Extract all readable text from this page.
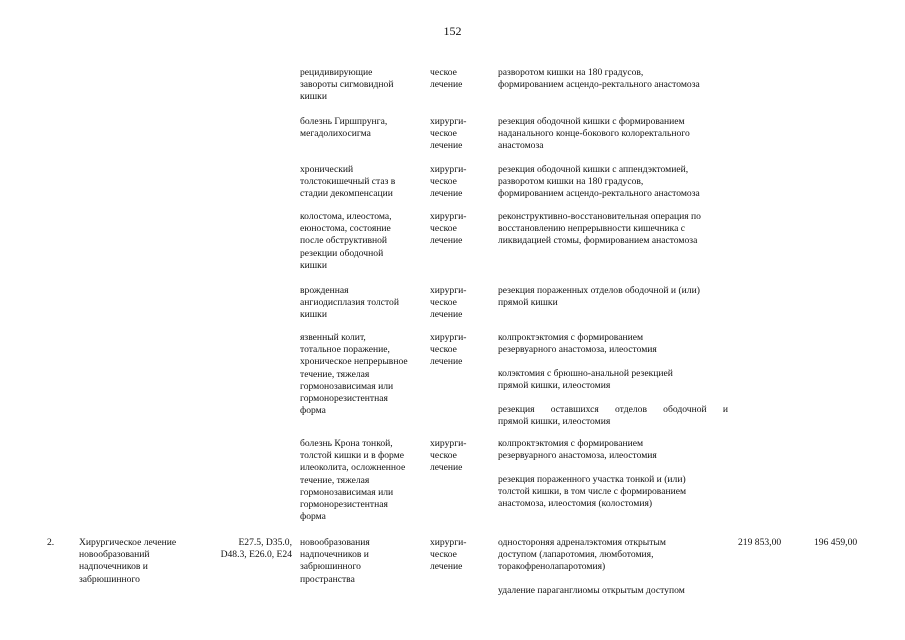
152
рецидивирующие
завороты сигмовидной
кишки
ческое
лечение
разворотом кишки на 180 градусов,
формированием асцендо-ректального анастомоза
болезнь Гиршпрунга,
мегадолихосигма
хирурги-
ческое
лечение
резекция ободочной кишки с формированием
наданального конце-бокового колоректального
анастомоза
хронический
толстокишечный стаз в
стадии декомпенсации
хирурги-
ческое
лечение
резекция ободочной кишки с аппендэктомией,
разворотом кишки на 180 градусов,
формированием асцендо-ректального анастомоза
колостома, илеостома,
еюностома, состояние
после обструктивной
резекции ободочной
кишки
хирурги-
ческое
лечение
реконструктивно-восстановительная операция по
восстановлению непрерывности кишечника с
ликвидацией стомы, формированием анастомоза
врожденная
ангиодисплазия толстой
кишки
хирурги-
ческое
лечение
резекция пораженных отделов ободочной и (или)
прямой кишки
язвенный колит,
тотальное поражение,
хроническое непрерывное
течение, тяжелая
гормонозависимая или
гормонорезистентная
форма
хирурги-
ческое
лечение
колпроктэктомия с формированием
резервуарного анастомоза, илеостомия
колэктомия с брюшно-анальной резекцией
прямой кишки, илеостомия
резекция оставшихся отделов ободочной и
прямой кишки, илеостомия
болезнь Крона тонкой,
толстой кишки и в форме
илеоколита, осложненное
течение, тяжелая
гормонозависимая или
гормонорезистентная
форма
хирурги-
ческое
лечение
колпроктэктомия с формированием
резервуарного анастомоза, илеостомия
резекция пораженного участка тонкой и (или)
толстой кишки, в том числе с формированием
анастомоза, илеостомия (колостомия)
2.	Хирургическое лечение
новообразований
надпочечников и
забрюшинного
E27.5, D35.0,
D48.3, E26.0, E24
новообразования
надпочечников и
забрюшинного
пространства
хирурги-
ческое
лечение
одностороняя адреналэктомия открытым
доступом (лапаротомия, люмботомия,
торакофренолапаротомия)
удаление параганглиомы открытым доступом
219 853,00	196 459,00
